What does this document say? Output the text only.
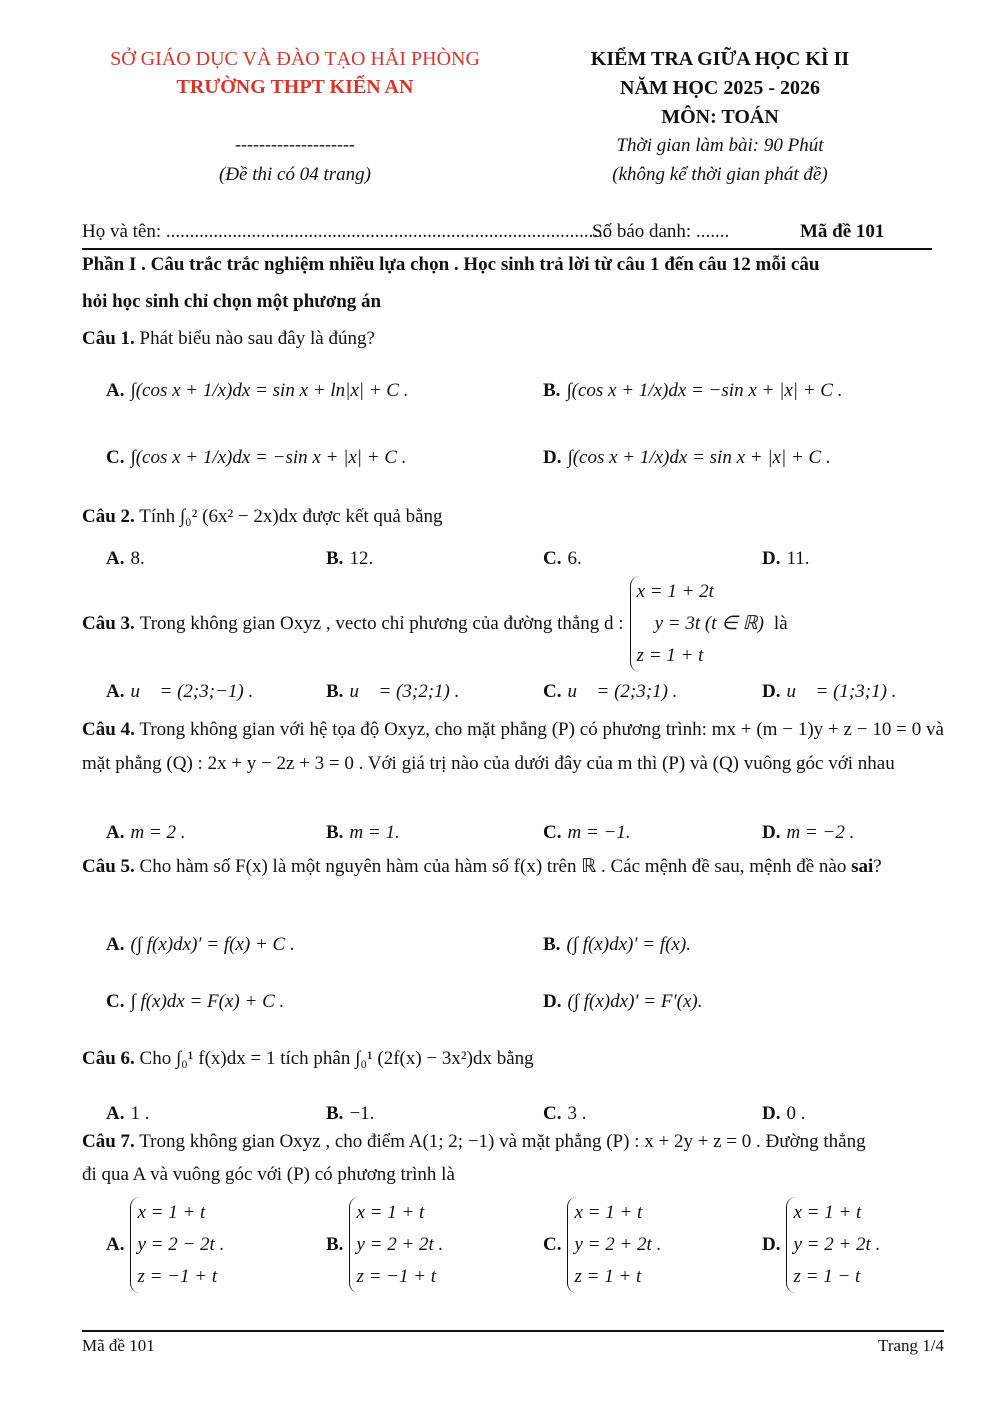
SỞ GIÁO DỤC VÀ ĐÀO TẠO HẢI PHÒNG
TRƯỜNG THPT KIẾN AN
--------------------
(Đề thi có 04 trang)
KIỂM TRA GIỮA HỌC KÌ II
NĂM HỌC 2025 - 2026
MÔN: TOÁN
Thời gian làm bài: 90 Phút
(không kể thời gian phát đề)
Họ và tên: .............................................................................................
Số báo danh: .......	Mã đề 101
Phần I . Câu trắc trắc nghiệm nhiều lựa chọn . Học sinh trả lời từ câu 1 đến câu 12 mỗi câu
hỏi học sinh chỉ chọn một phương án
Câu 1. Phát biểu nào sau đây là đúng?
A. ∫(cos x + 1/x)dx = sin x + ln|x| + C .	B. ∫(cos x + 1/x)dx = −sin x + |x| + C .
C. ∫(cos x + 1/x)dx = −sin x + |x| + C .	D. ∫(cos x + 1/x)dx = sin x + |x| + C .
Câu 2. Tính ∫₀² (6x² − 2x)dx được kết quả bằng
A. 8.	B. 12.	C. 6.	D. 11.
Câu 3. Trong không gian Oxyz , vecto chỉ phương của đường thẳng d :
x = 1 + 2t
y = 3t (t ∈ ℝ)
z = 1 + t
là
A. u⃗ = (2;3;−1) .	B. u⃗ = (3;2;1) .	C. u⃗ = (2;3;1) .	D. u⃗ = (1;3;1) .
Câu 4. Trong không gian với hệ tọa độ Oxyz, cho mặt phẳng (P) có phương trình: mx + (m − 1)y + z − 10 = 0 và mặt phẳng (Q) : 2x + y − 2z + 3 = 0 . Với giá trị nào của dưới đây của m thì (P) và (Q) vuông góc với nhau
A. m = 2 .	B. m = 1.	C. m = −1.	D. m = −2 .
Câu 5. Cho hàm số F(x) là một nguyên hàm của hàm số f(x) trên ℝ . Các mệnh đề sau, mệnh đề nào sai?
A. (∫ f(x)dx)′ = f(x) + C .	B. (∫ f(x)dx)′ = f(x).
C. ∫ f(x)dx = F(x) + C .	D. (∫ f(x)dx)′ = F′(x).
Câu 6. Cho ∫₀¹ f(x)dx = 1 tích phân ∫₀¹ (2f(x) − 3x²)dx bằng
A. 1 .	B. −1.	C. 3 .	D. 0 .
Câu 7. Trong không gian Oxyz , cho điểm A(1; 2; −1) và mặt phẳng (P) : x + 2y + z = 0 . Đường thẳng
đi qua A và vuông góc với (P) có phương trình là
A.
x = 1 + t
y = 2 − 2t .
z = −1 + t
B.
x = 1 + t
y = 2 + 2t .
z = −1 + t
C.
x = 1 + t
y = 2 + 2t .
z = 1 + t
D.
x = 1 + t
y = 2 + 2t .
z = 1 − t
Mã đề 101	Trang 1/4
